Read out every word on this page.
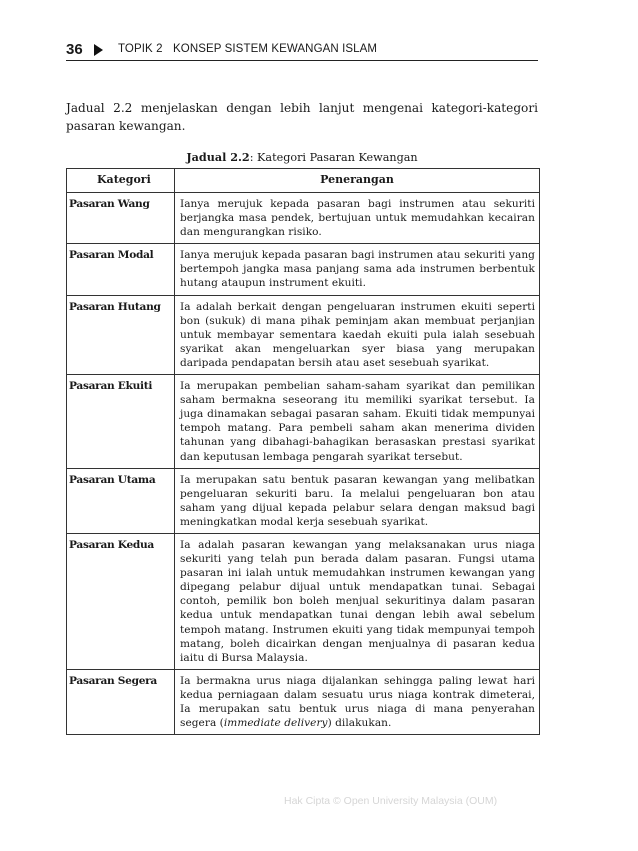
36	TOPIK 2 KONSEP SISTEM KEWANGAN ISLAM

Jadual 2.2 menjelaskan dengan lebih lanjut mengenai kategori-kategori pasaran kewangan.

Jadual 2.2: Kategori Pasaran Kewangan
Kategori	Penerangan
Pasaran Wang	Ianya merujuk kepada pasaran bagi instrumen atau sekuriti berjangka masa pendek, bertujuan untuk memudahkan kecairan dan mengurangkan risiko.
Pasaran Modal	Ianya merujuk kepada pasaran bagi instrumen atau sekuriti yang bertempoh jangka masa panjang sama ada instrumen berbentuk hutang ataupun instrument ekuiti.
Pasaran Hutang	Ia adalah berkait dengan pengeluaran instrumen ekuiti seperti bon (sukuk) di mana pihak peminjam akan membuat perjanjian untuk membayar sementara kaedah ekuiti pula ialah sesebuah syarikat akan mengeluarkan syer biasa yang merupakan daripada pendapatan bersih atau aset sesebuah syarikat.
Pasaran Ekuiti	Ia merupakan pembelian saham-saham syarikat dan pemilikan saham bermakna seseorang itu memiliki syarikat tersebut. Ia juga dinamakan sebagai pasaran saham. Ekuiti tidak mempunyai tempoh matang. Para pembeli saham akan menerima dividen tahunan yang dibahagi-bahagikan berasaskan prestasi syarikat dan keputusan lembaga pengarah syarikat tersebut.
Pasaran Utama	Ia merupakan satu bentuk pasaran kewangan yang melibatkan pengeluaran sekuriti baru. Ia melalui pengeluaran bon atau saham yang dijual kepada pelabur selara dengan maksud bagi meningkatkan modal kerja sesebuah syarikat.
Pasaran Kedua	Ia adalah pasaran kewangan yang melaksanakan urus niaga sekuriti yang telah pun berada dalam pasaran. Fungsi utama pasaran ini ialah untuk memudahkan instrumen kewangan yang dipegang pelabur dijual untuk mendapatkan tunai. Sebagai contoh, pemilik bon boleh menjual sekuritinya dalam pasaran kedua untuk mendapatkan tunai dengan lebih awal sebelum tempoh matang. Instrumen ekuiti yang tidak mempunyai tempoh matang, boleh dicairkan dengan menjualnya di pasaran kedua iaitu di Bursa Malaysia.
Pasaran Segera	Ia bermakna urus niaga dijalankan sehingga paling lewat hari kedua perniagaan dalam sesuatu urus niaga kontrak dimeterai, Ia merupakan satu bentuk urus niaga di mana penyerahan segera (immediate delivery) dilakukan.
Hak Cipta © Open University Malaysia (OUM)
